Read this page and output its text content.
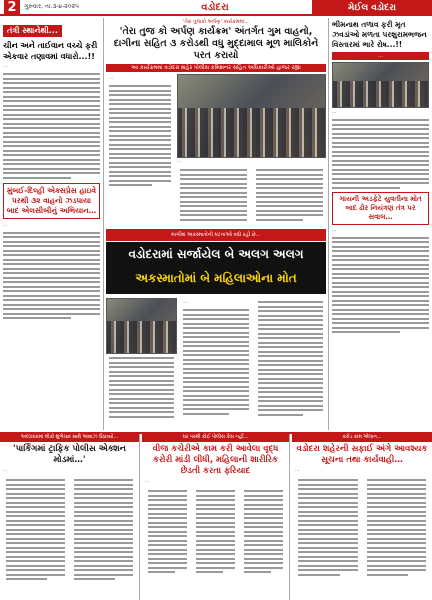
2	ગુરુવાર, તા.૩-૪-૨૦૨૫	વડોદરા	મેઈલ વડોદરા
તંત્રી સ્થાનેથી...
ચીન અને તાઈવાન વચ્ચે ફરી એકવાર તણાવમાં વધારો...!!
…
મુંબઈ-દિલ્હી એક્સપ્રેસ હાઇવે પરથી ૩૨ વાહનો ઝડપાયા બાદ એલસીબીનું અભિયાન…
…
'તેરા તુજકો અર્પણ' કાર્યક્રમમાં...
'તેરા તુજ કો અર્પણ કાર્યક્રમ' અંતર્ગત ગુમ વાહનો, દાગીના સહિત ૩ કરોડથી વધુ મુદ્દામાલ મૂળ માલિકોને પરત કરાયો
આ કાર્યક્રમમાં વડોદરા શહેર પોલીસ કમિશનર સહિત અધિકારીઓ હાજર રહ્યા
…
…
ભીમનાથ તળાવ ફરી મૃત ઝવડાંઓ મળતા પરશુરામભજન વિસ્તારમાં ભારે રોષ...!!
…
…
ગાયની અડફેટે યુવતીના મોત બાદ ઢોર નિયંત્રણ તંત્ર પર સવાલ…
…
માર્ગોમાં અકસ્માતોની ઘટનાઓ વધી રહી છે…
વડોદરામાં સર્જાયેલ બે અલગ અલગ
અકસ્માતોમાં બે મહિલાઓના મોત
…
અલ્ટાદરામાં લોકો શુભેચ્છા સાથે આવાઝ ઉઠાવ્યો…
'પાર્કિંગમાં ટ્રાફિક પોલીસ એક્શન મોડમાં…'
…
ઘર પરથી કોઈ પોલીસ કેસ નહીં…
વીજ કચેરીએ કામ કરી આવેલા વૃદ્ધ કરોરી માંડી લીધી, મહિલાની શારીરિક છેડતી કરતા ફરિયાદ
…
કરોડ કામ એલાન…
વડોદરા શહેરની સફાઈ અંગે આવશ્યક સૂચના તથા કાર્યવાહી…
…
